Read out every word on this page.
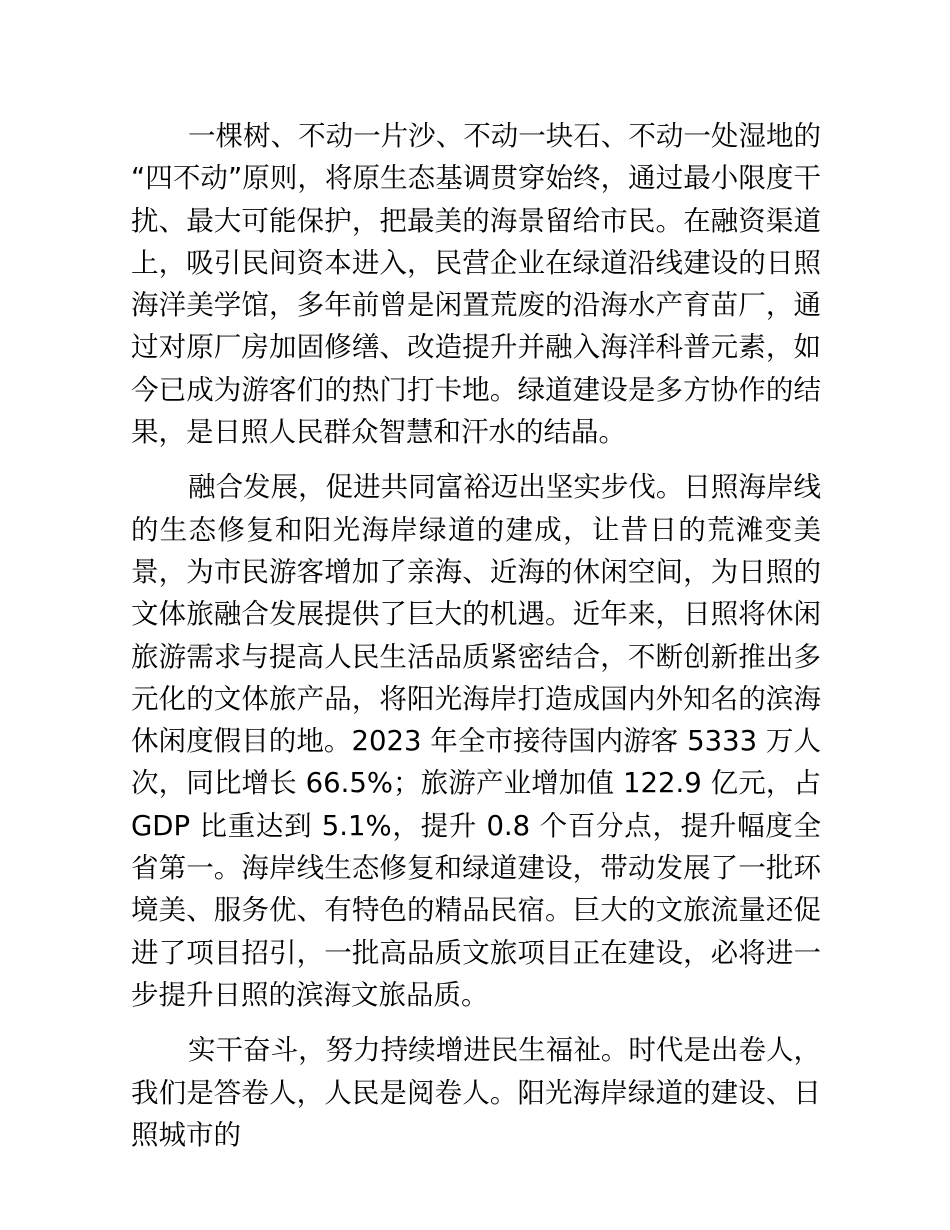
一棵树、不动一片沙、不动一块石、不动一处湿地的“四不动”原则，将原生态基调贯穿始终，通过最小限度干扰、最大可能保护，把最美的海景留给市民。在融资渠道上，吸引民间资本进入，民营企业在绿道沿线建设的日照海洋美学馆，多年前曾是闲置荒废的沿海水产育苗厂，通过对原厂房加固修缮、改造提升并融入海洋科普元素，如今已成为游客们的热门打卡地。绿道建设是多方协作的结果，是日照人民群众智慧和汗水的结晶。

融合发展，促进共同富裕迈出坚实步伐。日照海岸线的生态修复和阳光海岸绿道的建成，让昔日的荒滩变美景，为市民游客增加了亲海、近海的休闲空间，为日照的文体旅融合发展提供了巨大的机遇。近年来，日照将休闲旅游需求与提高人民生活品质紧密结合，不断创新推出多元化的文体旅产品，将阳光海岸打造成国内外知名的滨海休闲度假目的地。2023 年全市接待国内游客 5333 万人次，同比增长 66.5%；旅游产业增加值 122.9 亿元，占 GDP 比重达到 5.1%，提升 0.8 个百分点，提升幅度全省第一。海岸线生态修复和绿道建设，带动发展了一批环境美、服务优、有特色的精品民宿。巨大的文旅流量还促进了项目招引，一批高品质文旅项目正在建设，必将进一步提升日照的滨海文旅品质。

实干奋斗，努力持续增进民生福祉。时代是出卷人，我们是答卷人，人民是阅卷人。阳光海岸绿道的建设、日照城市的
